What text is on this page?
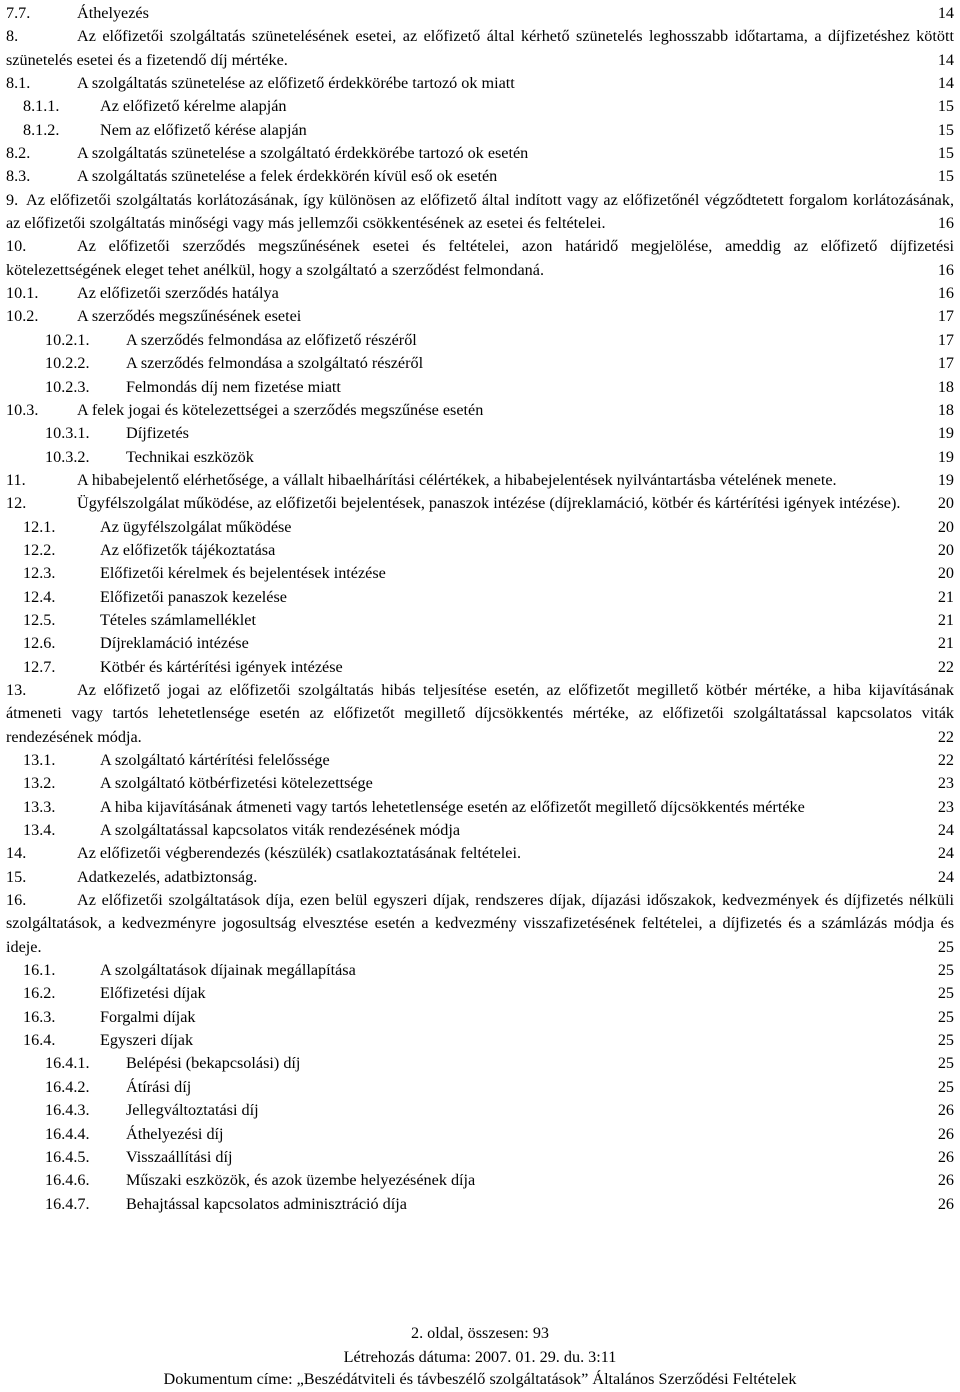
7.7.	Áthelyezés	14
8.	Az előfizetői szolgáltatás szünetelésének esetei, az előfizető által kérhető szünetelés leghosszabb időtartama, a díjfizetéshez kötött szünetelés esetei és a fizetendő díj mértéke.	14
8.1.	A szolgáltatás szünetelése az előfizető érdekkörébe tartozó ok miatt	14
8.1.1.	Az előfizető kérelme alapján	15
8.1.2.	Nem az előfizető kérése alapján	15
8.2.	A szolgáltatás szünetelése a szolgáltató érdekkörébe tartozó ok esetén	15
8.3.	A szolgáltatás szünetelése a felek érdekkörén kívül eső ok esetén	15
9. Az előfizetői szolgáltatás korlátozásának, így különösen az előfizető által indított vagy az előfizetőnél végződtetett forgalom korlátozásának, az előfizetői szolgáltatás minőségi vagy más jellemzői csökkentésének az esetei és feltételei.	16
10.	Az előfizetői szerződés megszűnésének esetei és feltételei, azon határidő megjelölése, ameddig az előfizető díjfizetési kötelezettségének eleget tehet anélkül, hogy a szolgáltató a szerződést felmondaná.	16
10.1.	Az előfizetői szerződés hatálya	16
10.2.	A szerződés megszűnésének esetei	17
10.2.1.	A szerződés felmondása az előfizető részéről	17
10.2.2.	A szerződés felmondása a szolgáltató részéről	17
10.2.3.	Felmondás díj nem fizetése miatt	18
10.3.	A felek jogai és kötelezettségei a szerződés megszűnése esetén	18
10.3.1.	Díjfizetés	19
10.3.2.	Technikai eszközök	19
11.	A hibabejelentő elérhetősége, a vállalt hibaelhárítási célértékek, a hibabejelentések nyilvántartásba vételének menete.	19
12.	Ügyfélszolgálat működése, az előfizetői bejelentések, panaszok intézése (díjreklamáció, kötbér és kártérítési igények intézése). 20
12.1.	Az ügyfélszolgálat működése	20
12.2.	Az előfizetők tájékoztatása	20
12.3.	Előfizetői kérelmek és bejelentések intézése	20
12.4.	Előfizetői panaszok kezelése	21
12.5.	Tételes számlamelléklet	21
12.6.	Díjreklamáció intézése	21
12.7.	Kötbér és kártérítési igények intézése	22
13.	Az előfizető jogai az előfizetői szolgáltatás hibás teljesítése esetén, az előfizetőt megillető kötbér mértéke, a hiba kijavításának átmeneti vagy tartós lehetetlensége esetén az előfizetőt megillető díjcsökkentés mértéke, az előfizetői szolgáltatással kapcsolatos viták rendezésének módja.	22
13.1.	A szolgáltató kártérítési felelőssége	22
13.2.	A szolgáltató kötbérfizetési kötelezettsége	23
13.3.	A hiba kijavításának átmeneti vagy tartós lehetetlensége esetén az előfizetőt megillető díjcsökkentés mértéke	23
13.4.	A szolgáltatással kapcsolatos viták rendezésének módja	24
14.	Az előfizetői végberendezés (készülék) csatlakoztatásának feltételei.	24
15.	Adatkezelés, adatbiztonság.	24
16.	Az előfizetői szolgáltatások díja, ezen belül egyszeri díjak, rendszeres díjak, díjazási időszakok, kedvezmények és díjfizetés nélküli szolgáltatások, a kedvezményre jogosultság elvesztése esetén a kedvezmény visszafizetésének feltételei, a díjfizetés és a számlázás módja és ideje.	25
16.1.	A szolgáltatások díjainak megállapítása	25
16.2.	Előfizetési díjak	25
16.3.	Forgalmi díjak	25
16.4.	Egyszeri díjak	25
16.4.1.	Belépési (bekapcsolási) díj	25
16.4.2.	Átírási díj	25
16.4.3.	Jellegváltoztatási díj	26
16.4.4.	Áthelyezési díj	26
16.4.5.	Visszaállítási díj	26
16.4.6.	Műszaki eszközök, és azok üzembe helyezésének díja	26
16.4.7.	Behajtással kapcsolatos adminisztráció díja	26
2. oldal, összesen: 93
Létrehozás dátuma: 2007. 01. 29. du. 3:11
Dokumentum címe: „Beszédátviteli és távbeszélő szolgáltatások” Általános Szerződési Feltételek
